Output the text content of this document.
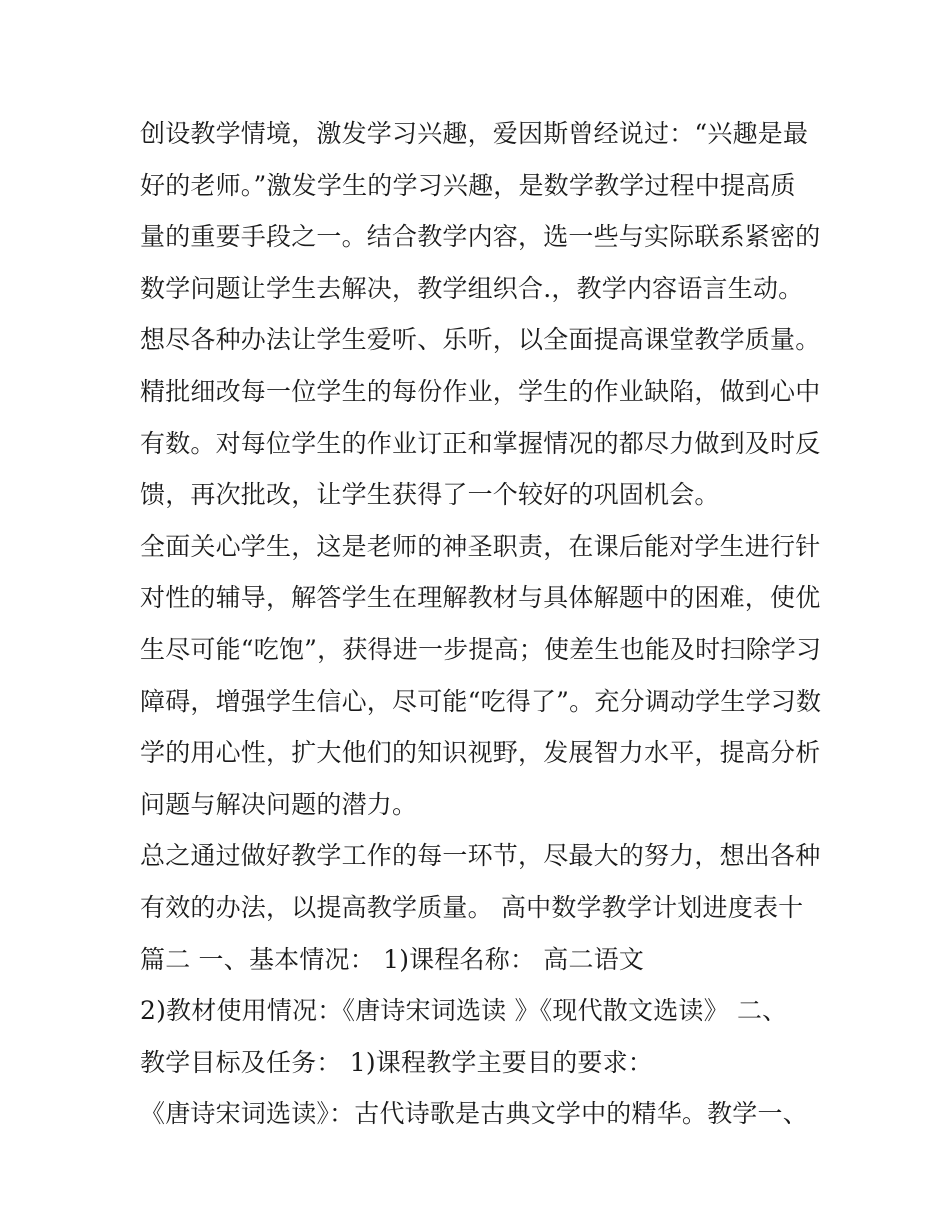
创设教学情境，激发学习兴趣，爱因斯曾经说过：“兴趣是最
好的老师。”激发学生的学习兴趣，是数学教学过程中提高质
量的重要手段之一。结合教学内容，选一些与实际联系紧密的
数学问题让学生去解决，教学组织合.，教学内容语言生动。
想尽各种办法让学生爱听、乐听，以全面提高课堂教学质量。
精批细改每一位学生的每份作业，学生的作业缺陷，做到心中
有数。对每位学生的作业订正和掌握情况的都尽力做到及时反
馈，再次批改，让学生获得了一个较好的巩固机会。
全面关心学生，这是老师的神圣职责，在课后能对学生进行针
对性的辅导，解答学生在理解教材与具体解题中的困难，使优
生尽可能“吃饱”，获得进一步提高；使差生也能及时扫除学习
障碍，增强学生信心，尽可能“吃得了”。充分调动学生学习数
学的用心性，扩大他们的知识视野，发展智力水平，提高分析
问题与解决问题的潜力。
总之通过做好教学工作的每一环节，尽最大的努力，想出各种
有效的办法，以提高教学质量。 高中数学教学计划进度表十
篇二 一、基本情况： 1)课程名称： 高二语文
2)教材使用情况：《唐诗宋词选读 》《现代散文选读》 二、
教学目标及任务： 1)课程教学主要目的要求：
《唐诗宋词选读》：古代诗歌是古典文学中的精华。教学一、
